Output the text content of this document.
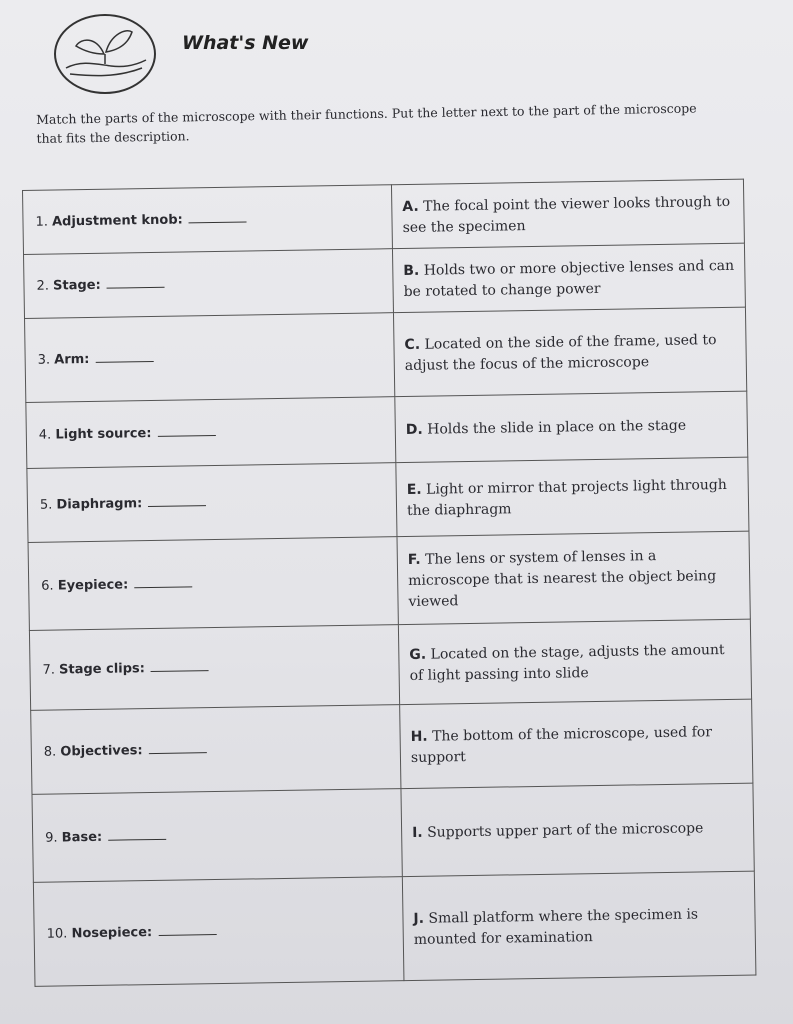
What's New
Match the parts of the microscope with their functions. Put the letter next to the part of the microscope that fits the description.
1. Adjustment knob:	A. The focal point the viewer looks through to see the specimen
2. Stage:	B. Holds two or more objective lenses and can be rotated to change power
3. Arm:	C. Located on the side of the frame, used to adjust the focus of the microscope
4. Light source:	D. Holds the slide in place on the stage
5. Diaphragm:	E. Light or mirror that projects light through the diaphragm
6. Eyepiece:	F. The lens or system of lenses in a microscope that is nearest the object being viewed
7. Stage clips:	G. Located on the stage, adjusts the amount of light passing into slide
8. Objectives:	H. The bottom of the microscope, used for support
9. Base:	I. Supports upper part of the microscope
10. Nosepiece:	J. Small platform where the specimen is mounted for examination
